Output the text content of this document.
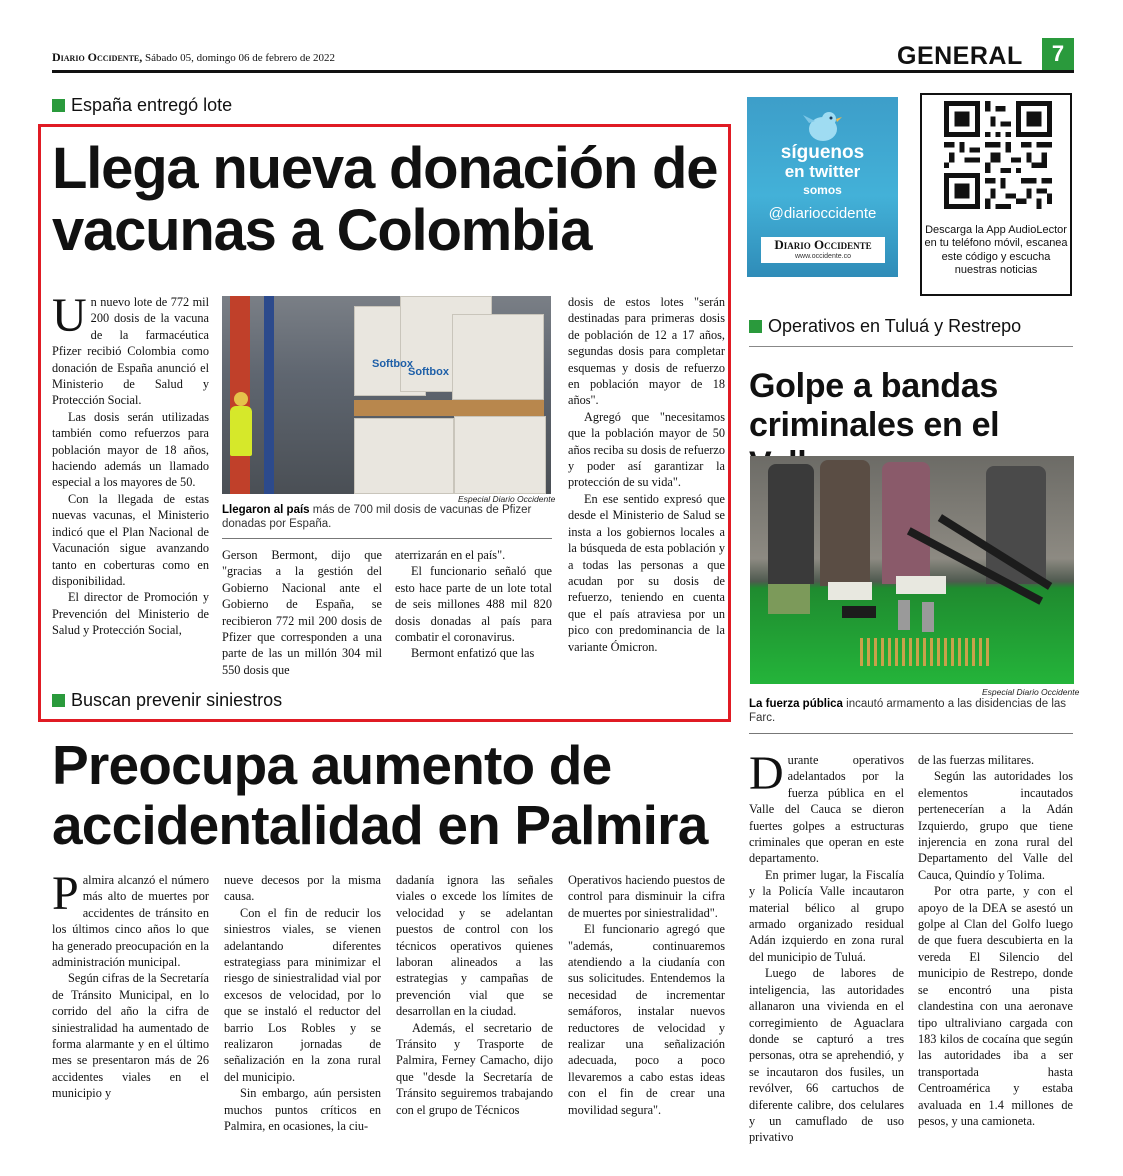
Diario Occidente, Sábado 05, domingo 06 de febrero de 2022	GENERAL	7
España entregó lote
Llega nueva donación de vacunas a Colombia

Un nuevo lote de 772 mil 200 dosis de la vacuna de la farmacéutica Pfizer recibió Colombia como donación de España anunció el Ministerio de Salud y Protección Social.

Las dosis serán utilizadas también como refuerzos para población mayor de 18 años, haciendo además un llamado especial a los mayores de 50.

Con la llegada de estas nuevas vacunas, el Ministerio indicó que el Plan Nacional de Vacunación sigue avanzando tanto en coberturas como en disponibilidad.

El director de Promoción y Prevención del Ministerio de Salud y Protección Social,

Softbox
Softbox
Especial Diario Occidente
Llegaron al país más de 700 mil dosis de vacunas de Pfizer donadas por España.

Gerson Bermont, dijo que "gracias a la gestión del Gobierno Nacional ante el Gobierno de España, se recibieron 772 mil 200 dosis de Pfizer que corresponden a una parte de las un millón 304 mil 550 dosis que

aterrizarán en el país".

El funcionario señaló que esto hace parte de un lote total de seis millones 488 mil 820 dosis donadas al país para combatir el coronavirus.

Bermont enfatizó que las

dosis de estos lotes "serán destinadas para primeras dosis de población de 12 a 17 años, segundas dosis para completar esquemas y dosis de refuerzo en población mayor de 18 años".

Agregó que "necesitamos que la población mayor de 50 años reciba su dosis de refuerzo y poder así garantizar la protección de su vida".

En ese sentido expresó que desde el Ministerio de Salud se insta a los gobiernos locales a la búsqueda de esta población y a todas las personas a que acudan por su dosis de refuerzo, teniendo en cuenta que el país atraviesa por un pico con predominancia de la variante Ómicron.

síguenos
en twitter
somos
@diarioccidente
Diario Occidente
www.occidente.co
Descarga la App AudioLector en tu teléfono móvil, escanea este código y escucha nuestras noticias
Operativos en Tuluá y Restrepo
Golpe a bandas criminales en el
Especial Diario Occidente
La fuerza pública incautó armamento a las disidencias de las Farc.

Durante operativos adelantados por la fuerza pública en el Valle del Cauca se dieron fuertes golpes a estructuras criminales que operan en este departamento.

En primer lugar, la Fiscalía y la Policía Valle incautaron material bélico al grupo armado organizado residual Adán izquierdo en zona rural del municipio de Tuluá.

Luego de labores de inteligencia, las autoridades allanaron una vivienda en el corregimiento de Aguaclara donde se capturó a tres personas, otra se aprehendió, y se incautaron dos fusiles, un revólver, 66 cartuchos de diferente calibre, dos celulares y un camuflado de uso privativo

de las fuerzas militares.

Según las autoridades los elementos incautados pertenecerían a la Adán Izquierdo, grupo que tiene injerencia en zona rural del Departamento del Valle del Cauca, Quindío y Tolima.

Por otra parte, y con el apoyo de la DEA se asestó un golpe al Clan del Golfo luego de que fuera descubierta en la vereda El Silencio del municipio de Restrepo, donde se encontró una pista clandestina con una aeronave tipo ultraliviano cargada con 183 kilos de cocaína que según las autoridades iba a ser transportada hasta Centroamérica y estaba avaluada en 1.4 millones de pesos, y una camioneta.

Buscan prevenir siniestros
Preocupa aumento de accidentalidad en Palmira

Palmira alcanzó el número más alto de muertes por accidentes de tránsito en los últimos cinco años lo que ha generado preocupación en la administración municipal.

Según cifras de la Secretaría de Tránsito Municipal, en lo corrido del año la cifra de siniestralidad ha aumentado de forma alarmante y en el último mes se presentaron más de 26 accidentes viales en el municipio y

nueve decesos por la misma causa.

Con el fin de reducir los siniestros viales, se vienen adelantando diferentes estrategiass para minimizar el riesgo de siniestralidad vial por excesos de velocidad, por lo que se instaló el reductor del barrio Los Robles y se realizaron jornadas de señalización en la zona rural del municipio.

Sin embargo, aún persisten muchos puntos críticos en Palmira, en ocasiones, la ciu-

dadanía ignora las señales viales o excede los límites de velocidad y se adelantan puestos de control con los técnicos operativos quienes laboran alineados a las estrategias y campañas de prevención vial que se desarrollan en la ciudad.

Además, el secretario de Tránsito y Trasporte de Palmira, Ferney Camacho, dijo que "desde la Secretaría de Tránsito seguiremos trabajando con el grupo de Técnicos

Operativos haciendo puestos de control para disminuir la cifra de muertes por siniestralidad".

El funcionario agregó que "además, continuaremos atendiendo a la ciudanía con sus solicitudes. Entendemos la necesidad de incrementar semáforos, instalar nuevos reductores de velocidad y realizar una señalización adecuada, poco a poco llevaremos a cabo estas ideas con el fin de crear una movilidad segura".
